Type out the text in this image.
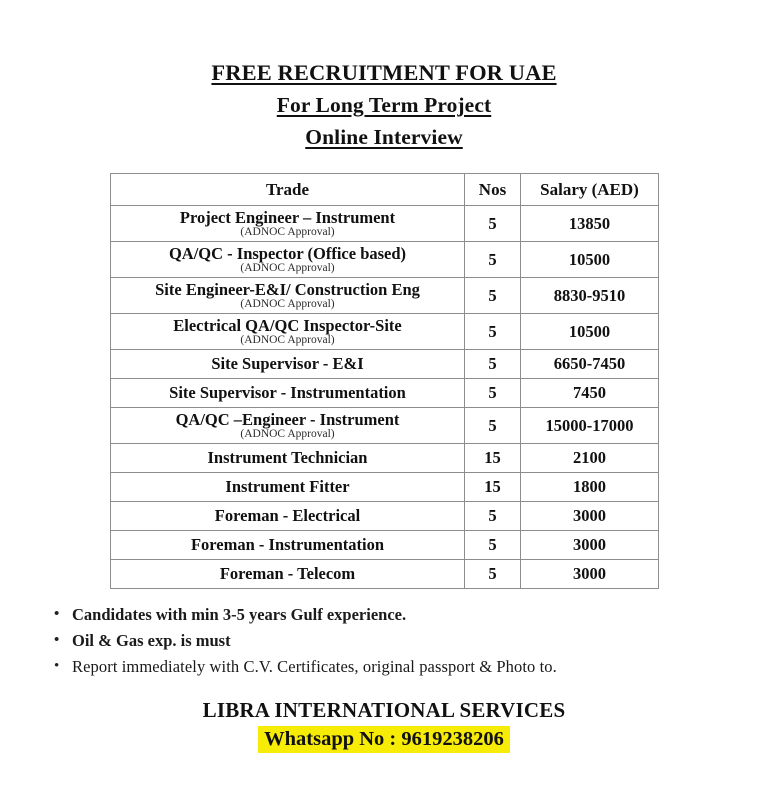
FREE RECRUITMENT FOR UAE
For Long Term Project
Online Interview
Trade	Nos	Salary (AED)
Project Engineer – Instrument
(ADNOC Approval)	5	13850
QA/QC - Inspector (Office based)
(ADNOC Approval)	5	10500
Site Engineer-E&I/ Construction Eng
(ADNOC Approval)	5	8830-9510
Electrical QA/QC Inspector-Site
(ADNOC Approval)	5	10500
Site Supervisor - E&I	5	6650-7450
Site Supervisor - Instrumentation	5	7450
QA/QC –Engineer - Instrument
(ADNOC Approval)	5	15000-17000
Instrument Technician	15	2100
Instrument Fitter	15	1800
Foreman - Electrical	5	3000
Foreman - Instrumentation	5	3000
Foreman - Telecom	5	3000
• Candidates with min 3-5 years Gulf experience.
• Oil & Gas exp. is must
• Report immediately with C.V. Certificates, original passport & Photo to.
LIBRA INTERNATIONAL SERVICES
Whatsapp No : 9619238206
